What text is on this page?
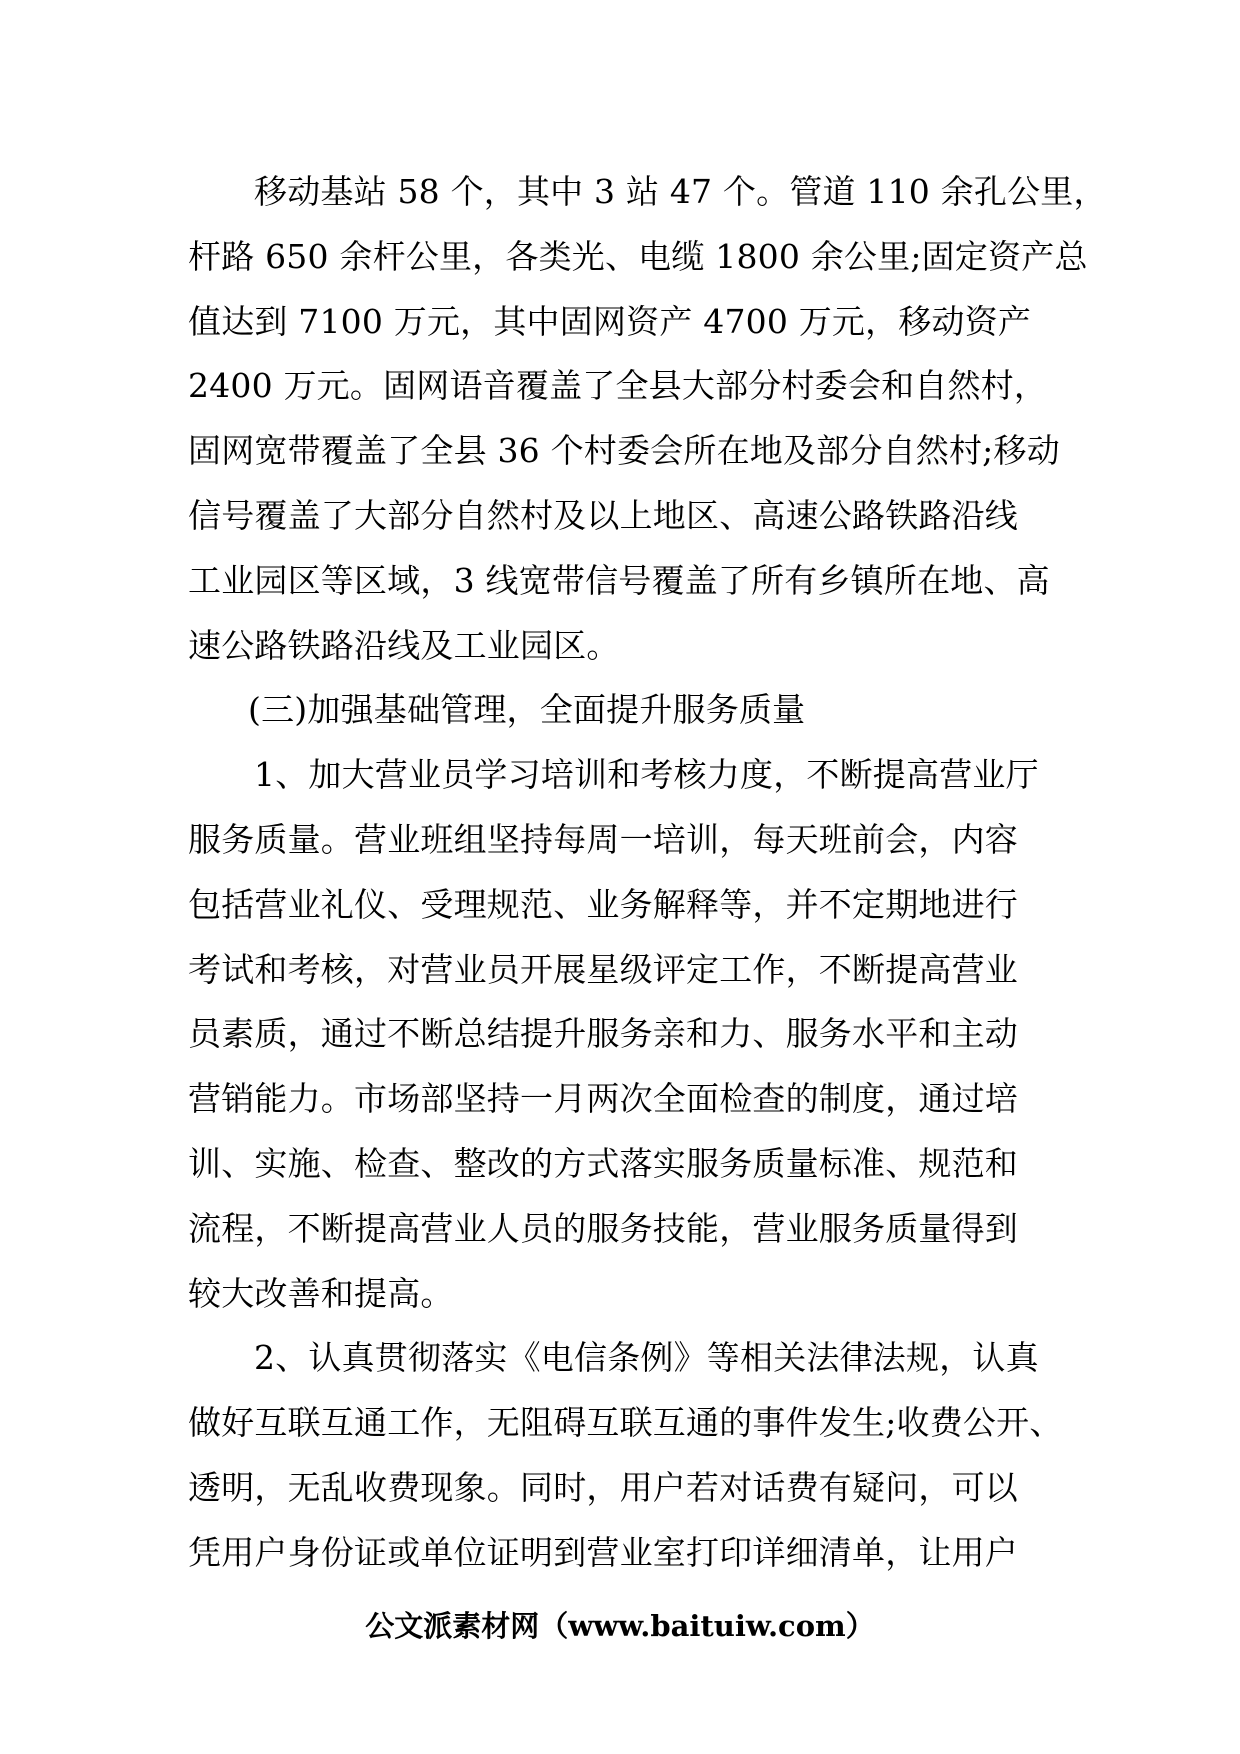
移动基站 58 个，其中 3 站 47 个。管道 110 余孔公里，
杆路 650 余杆公里，各类光、电缆 1800 余公里;固定资产总
值达到 7100 万元，其中固网资产 4700 万元，移动资产
2400 万元。固网语音覆盖了全县大部分村委会和自然村，
固网宽带覆盖了全县 36 个村委会所在地及部分自然村;移动
信号覆盖了大部分自然村及以上地区、高速公路铁路沿线
工业园区等区域，3 线宽带信号覆盖了所有乡镇所在地、高
速公路铁路沿线及工业园区。
(三)加强基础管理，全面提升服务质量
1、加大营业员学习培训和考核力度，不断提高营业厅
服务质量。营业班组坚持每周一培训，每天班前会，内容
包括营业礼仪、受理规范、业务解释等，并不定期地进行
考试和考核，对营业员开展星级评定工作，不断提高营业
员素质，通过不断总结提升服务亲和力、服务水平和主动
营销能力。市场部坚持一月两次全面检查的制度，通过培
训、实施、检查、整改的方式落实服务质量标准、规范和
流程，不断提高营业人员的服务技能，营业服务质量得到
较大改善和提高。
2、认真贯彻落实《电信条例》等相关法律法规，认真
做好互联互通工作，无阻碍互联互通的事件发生;收费公开、
透明，无乱收费现象。同时，用户若对话费有疑问，可以
凭用户身份证或单位证明到营业室打印详细清单，让用户
公文派素材网（www.baituiw.com）
